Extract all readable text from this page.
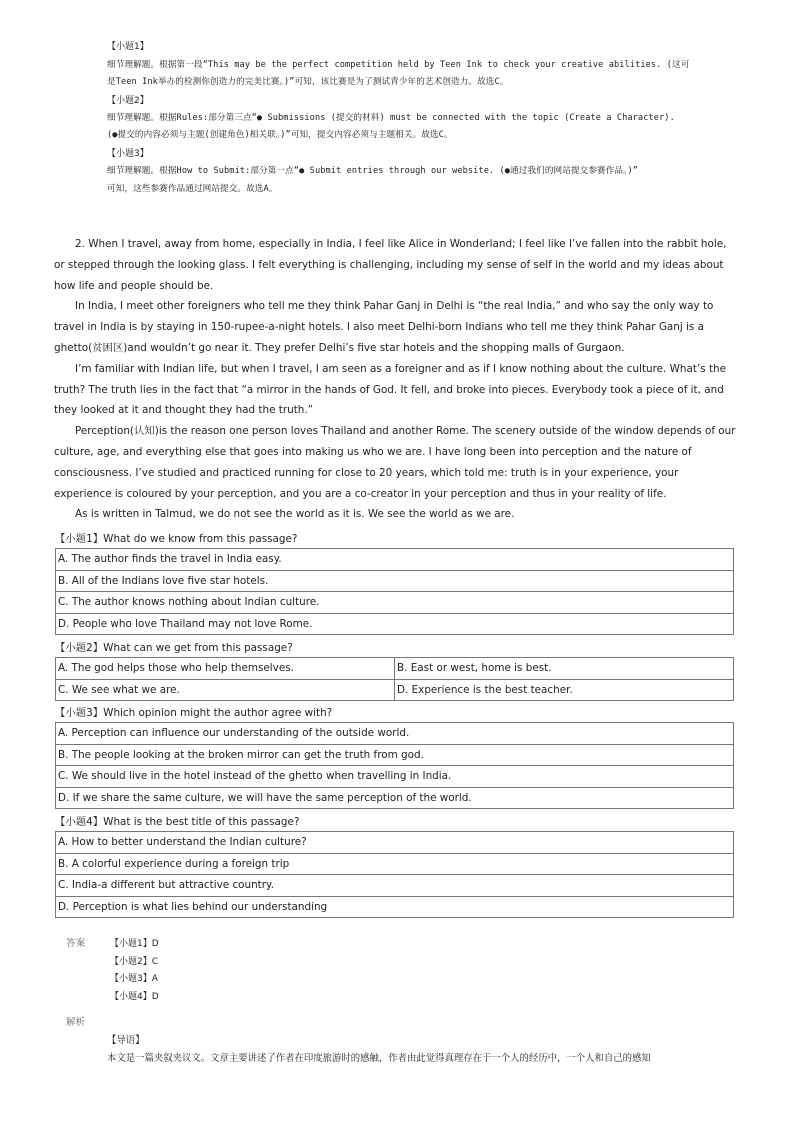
【小题1】
细节理解题。根据第一段“This may be the perfect competition held by Teen Ink to check your creative abilities. (这可
是Teen Ink举办的检测你创造力的完美比赛。)”可知，该比赛是为了测试青少年的艺术创造力。故选C。
【小题2】
细节理解题。根据Rules:部分第三点“● Submissions (提交的材料) must be connected with the topic (Create a Character).
(●提交的内容必须与主题(创建角色)相关联。)”可知，提交内容必须与主题相关。故选C。
【小题3】
细节理解题。根据How to Submit:部分第一点“● Submit entries through our website. (●通过我们的网站提交参赛作品。)”
可知，这些参赛作品通过网站提交。故选A。

2. When I travel, away from home, especially in India, I feel like Alice in Wonderland; I feel like I’ve fallen into the rabbit hole, or stepped through the looking glass. I felt everything is challenging, including my sense of self in the world and my ideas about how life and people should be.

In India, I meet other foreigners who tell me they think Pahar Ganj in Delhi is “the real India,” and who say the only way to travel in India is by staying in 150-rupee-a-night hotels. I also meet Delhi-born Indians who tell me they think Pahar Ganj is a ghetto(贫困区)and wouldn’t go near it. They prefer Delhi’s five star hotels and the shopping malls of Gurgaon.

I’m familiar with Indian life, but when I travel, I am seen as a foreigner and as if I know nothing about the culture. What’s the truth? The truth lies in the fact that “a mirror in the hands of God. It fell, and broke into pieces. Everybody took a piece of it, and they looked at it and thought they had the truth.”

Perception(认知)is the reason one person loves Thailand and another Rome. The scenery outside of the window depends of our culture, age, and everything else that goes into making us who we are. I have long been into perception and the nature of consciousness. I’ve studied and practiced running for close to 20 years, which told me: truth is in your experience, your experience is coloured by your perception, and you are a co-creator in your perception and thus in your reality of life.

As is written in Talmud, we do not see the world as it is. We see the world as we are.

【小题1】What do we know from this passage?
A. The author finds the travel in India easy.
B. All of the Indians love five star hotels.
C. The author knows nothing about Indian culture.
D. People who love Thailand may not love Rome.
【小题2】What can we get from this passage?
A. The god helps those who help themselves.	B. East or west, home is best.
C. We see what we are.	D. Experience is the best teacher.
【小题3】Which opinion might the author agree with?
A. Perception can influence our understanding of the outside world.
B. The people looking at the broken mirror can get the truth from god.
C. We should live in the hotel instead of the ghetto when travelling in India.
D. If we share the same culture, we will have the same perception of the world.
【小题4】What is the best title of this passage?
A. How to better understand the Indian culture?
B. A colorful experience during a foreign trip
C. India-a different but attractive country.
D. Perception is what lies behind our understanding
答案	【小题1】D
【小题2】C
【小题3】A
【小题4】D
解析
【导语】
本文是一篇夹叙夹议文。文章主要讲述了作者在印度旅游时的感触，作者由此觉得真理存在于一个人的经历中，一个人和自己的感知
